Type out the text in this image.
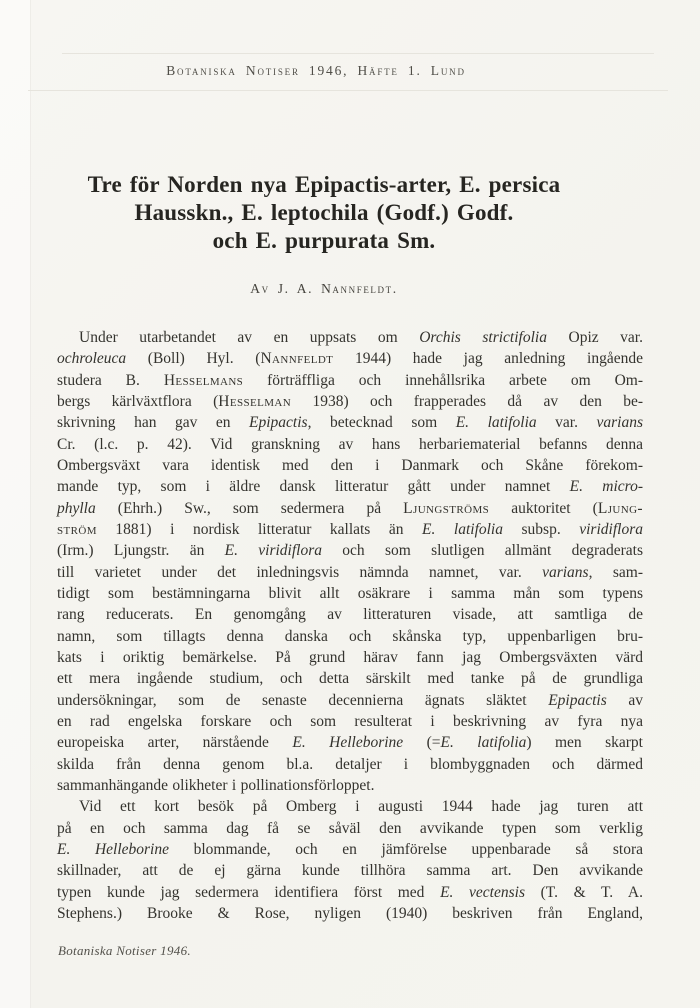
Botaniska Notiser 1946, Häfte 1. Lund
Tre för Norden nya Epipactis-arter, E. persica
Hausskn., E. leptochila (Godf.) Godf.
och E. purpurata Sm.
Av J. A. Nannfeldt.
Under utarbetandet av en uppsats om Orchis strictifolia Opiz var.
ochroleuca (Boll) Hyl. (Nannfeldt 1944) hade jag anledning ingående
studera B. Hesselmans förträffliga och innehållsrika arbete om Om-
bergs kärlväxtflora (Hesselman 1938) och frapperades då av den be-
skrivning han gav en Epipactis, betecknad som E. latifolia var. varians
Cr. (l.c. p. 42). Vid granskning av hans herbariematerial befanns denna
Ombergsväxt vara identisk med den i Danmark och Skåne förekom-
mande typ, som i äldre dansk litteratur gått under namnet E. micro-
phylla (Ehrh.) Sw., som sedermera på Ljungströms auktoritet (Ljung-
ström 1881) i nordisk litteratur kallats än E. latifolia subsp. viridiflora
(Irm.) Ljungstr. än E. viridiflora och som slutligen allmänt degraderats
till varietet under det inledningsvis nämnda namnet, var. varians, sam-
tidigt som bestämningarna blivit allt osäkrare i samma mån som typens
rang reducerats. En genomgång av litteraturen visade, att samtliga de
namn, som tillagts denna danska och skånska typ, uppenbarligen bru-
kats i oriktig bemärkelse. På grund härav fann jag Ombergsväxten värd
ett mera ingående studium, och detta särskilt med tanke på de grundliga
undersökningar, som de senaste decennierna ägnats släktet Epipactis av
en rad engelska forskare och som resulterat i beskrivning av fyra nya
europeiska arter, närstående E. Helleborine (=E. latifolia) men skarpt
skilda från denna genom bl.a. detaljer i blombyggnaden och därmed
sammanhängande olikheter i pollinationsförloppet.
Vid ett kort besök på Omberg i augusti 1944 hade jag turen att
på en och samma dag få se såväl den avvikande typen som verklig
E. Helleborine blommande, och en jämförelse uppenbarade så stora
skillnader, att de ej gärna kunde tillhöra samma art. Den avvikande
typen kunde jag sedermera identifiera först med E. vectensis (T. & T. A.
Stephens.) Brooke & Rose, nyligen (1940) beskriven från England,
Botaniska Notiser 1946.
